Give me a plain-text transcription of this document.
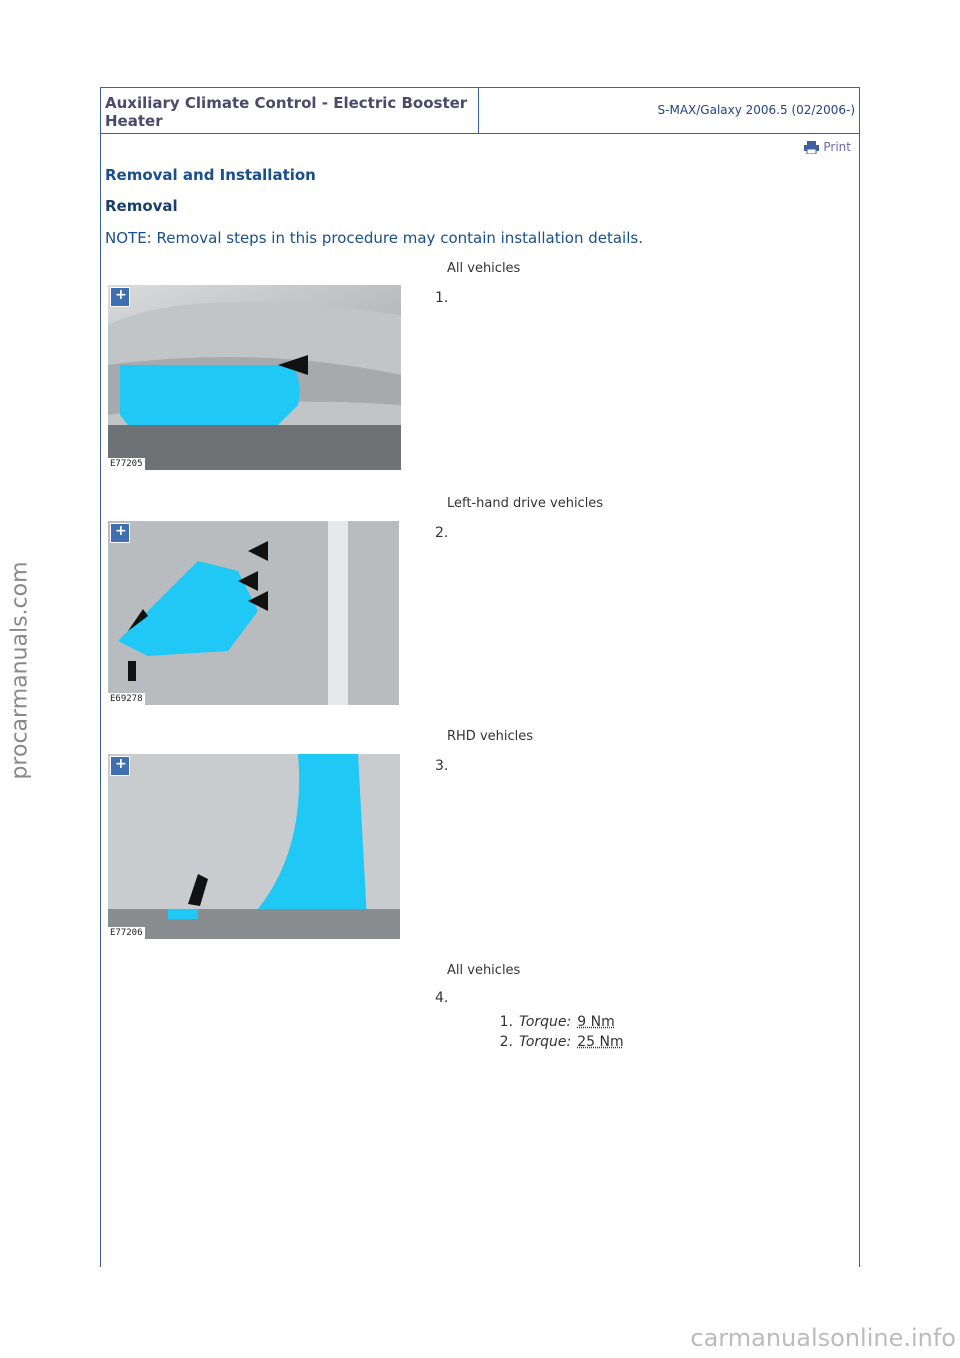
Auxiliary Climate Control - Electric Booster Heater
S-MAX/Galaxy 2006.5 (02/2006-)
Print
Removal and Installation
Removal
NOTE: Removal steps in this procedure may contain installation details.
All vehicles
1.
+
E77205
Left-hand drive vehicles
2.
+
E69278
RHD vehicles
3.
+
E77206
All vehicles
4.
1. Torque: 9 Nm
2. Torque: 25 Nm
procarmanuals.com
carmanualsonline.info
